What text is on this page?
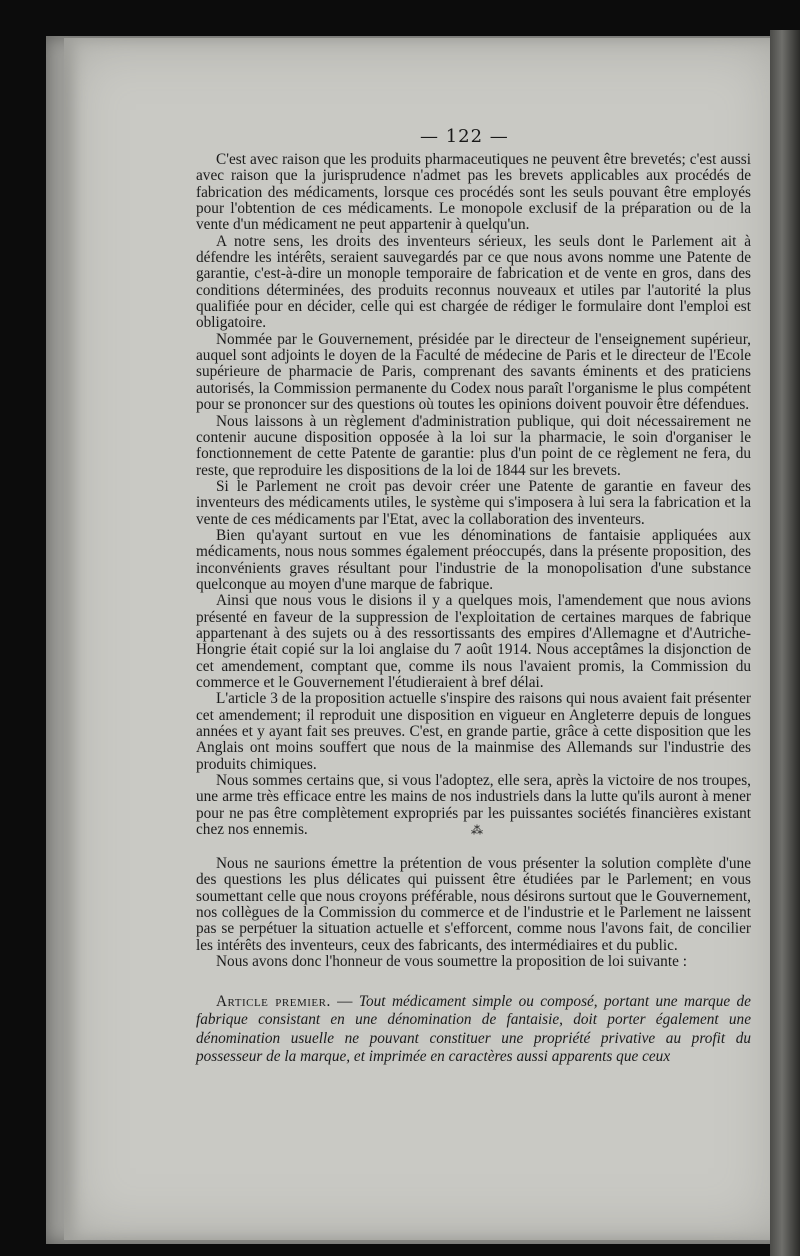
— 122 —

C'est avec raison que les produits pharmaceutiques ne peuvent être brevetés; c'est aussi avec raison que la jurisprudence n'admet pas les brevets applicables aux procédés de fabrication des médicaments, lorsque ces procédés sont les seuls pouvant être employés pour l'obtention de ces médicaments. Le monopole exclusif de la préparation ou de la vente d'un médicament ne peut appartenir à quelqu'un.

A notre sens, les droits des inventeurs sérieux, les seuls dont le Parlement ait à défendre les intérêts, seraient sauvegardés par ce que nous avons nomme une Patente de garantie, c'est-à-dire un monople temporaire de fabrication et de vente en gros, dans des conditions déterminées, des produits reconnus nouveaux et utiles par l'autorité la plus qualifiée pour en décider, celle qui est chargée de rédiger le formulaire dont l'emploi est obligatoire.

Nommée par le Gouvernement, présidée par le directeur de l'enseignement supérieur, auquel sont adjoints le doyen de la Faculté de médecine de Paris et le directeur de l'Ecole supérieure de pharmacie de Paris, comprenant des savants éminents et des praticiens autorisés, la Commission permanente du Codex nous paraît l'organisme le plus compétent pour se prononcer sur des questions où toutes les opinions doivent pouvoir être défendues.

Nous laissons à un règlement d'administration publique, qui doit nécessairement ne contenir aucune disposition opposée à la loi sur la pharmacie, le soin d'organiser le fonctionnement de cette Patente de garantie: plus d'un point de ce règlement ne fera, du reste, que reproduire les dispositions de la loi de 1844 sur les brevets.

Si le Parlement ne croit pas devoir créer une Patente de garantie en faveur des inventeurs des médicaments utiles, le système qui s'imposera à lui sera la fabrication et la vente de ces médicaments par l'Etat, avec la collaboration des inventeurs.

Bien qu'ayant surtout en vue les dénominations de fantaisie appliquées aux médicaments, nous nous sommes également préoccupés, dans la présente proposition, des inconvénients graves résultant pour l'industrie de la monopolisation d'une substance quelconque au moyen d'une marque de fabrique.

Ainsi que nous vous le disions il y a quelques mois, l'amendement que nous avions présenté en faveur de la suppression de l'exploitation de certaines marques de fabrique appartenant à des sujets ou à des ressortissants des empires d'Allemagne et d'Autriche-Hongrie était copié sur la loi anglaise du 7 août 1914. Nous acceptâmes la disjonction de cet amendement, comptant que, comme ils nous l'avaient promis, la Commission du commerce et le Gouvernement l'étudieraient à bref délai.

L'article 3 de la proposition actuelle s'inspire des raisons qui nous avaient fait présenter cet amendement; il reproduit une disposition en vigueur en Angleterre depuis de longues années et y ayant fait ses preuves. C'est, en grande partie, grâce à cette disposition que les Anglais ont moins souffert que nous de la mainmise des Allemands sur l'industrie des produits chimiques.

Nous sommes certains que, si vous l'adoptez, elle sera, après la victoire de nos troupes, une arme très efficace entre les mains de nos industriels dans la lutte qu'ils auront à mener pour ne pas être complètement expropriés par les puissantes sociétés financières existant chez nos ennemis.	⁂

Nous ne saurions émettre la prétention de vous présenter la solution complète d'une des questions les plus délicates qui puissent être étudiées par le Parlement; en vous soumettant celle que nous croyons préférable, nous désirons surtout que le Gouvernement, nos collègues de la Commission du commerce et de l'industrie et le Parlement ne laissent pas se perpétuer la situation actuelle et s'efforcent, comme nous l'avons fait, de concilier les intérêts des inventeurs, ceux des fabricants, des intermédiaires et du public.

Nous avons donc l'honneur de vous soumettre la proposition de loi suivante :

Article premier. — Tout médicament simple ou composé, portant une marque de fabrique consistant en une dénomination de fantaisie, doit porter également une dénomination usuelle ne pouvant constituer une propriété privative au profit du possesseur de la marque, et imprimée en caractères aussi apparents que ceux
